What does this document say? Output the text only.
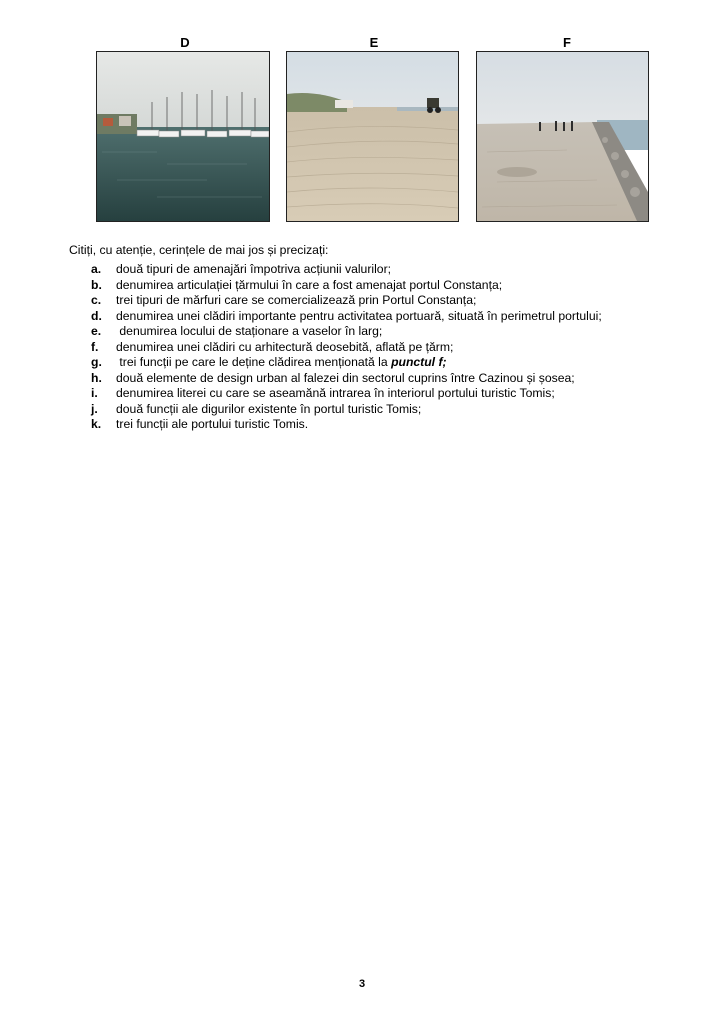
D	E	F
Citiți, cu atenție, cerințele de mai jos și precizați:
a. două tipuri de amenajări împotriva acțiunii valurilor;
b. denumirea articulației țărmului în care a fost amenajat portul Constanța;
c. trei tipuri de mărfuri care se comercializează prin Portul Constanța;
d. denumirea unei clădiri importante pentru activitatea portuară, situată în perimetrul portului;
e. denumirea locului de staționare a vaselor în larg;
f. denumirea unei clădiri cu arhitectură deosebită, aflată pe țărm;
g. trei funcții pe care le deține clădirea menționată la punctul f;
h. două elemente de design urban al falezei din sectorul cuprins între Cazinou și șosea;
i. denumirea literei cu care se aseamănă intrarea în interiorul portului turistic Tomis;
j. două funcții ale digurilor existente în portul turistic Tomis;
k. trei funcții ale portului turistic Tomis.
3
